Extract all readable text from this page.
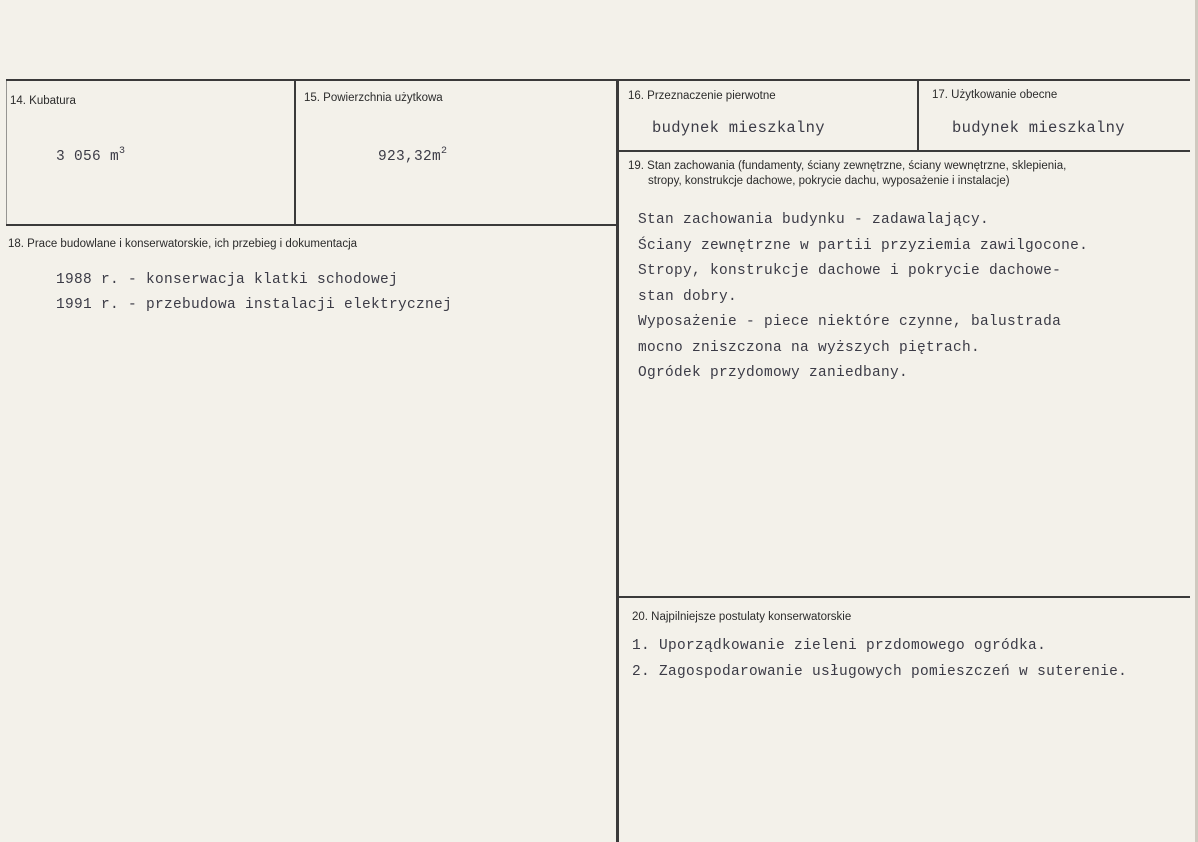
14. Kubatura
3 056 $m^3$
15. Powierzchnia użytkowa
$923,32m^2$
16. Przeznaczenie pierwotne
budynek mieszkalny
17. Użytkowanie obecne
budynek mieszkalny
18. Prace budowlane i konserwatorskie, ich przebieg i dokumentacja
1988 r. - konserwacja klatki schodowej
1991 r. - przebudowa instalacji elektrycznej
19. Stan zachowania (fundamenty, ściany zewnętrzne, ściany wewnętrzne, sklepienia,
stropy, konstrukcje dachowe, pokrycie dachu, wyposażenie i instalacje)
Stan zachowania budynku - zadawalający.
Ściany zewnętrzne w partii przyziemia zawilgocone.
Stropy, konstrukcje dachowe i pokrycie dachowe-
stan dobry.
Wyposażenie - piece niektóre czynne, balustrada
mocno zniszczona na wyższych piętrach.
Ogródek przydomowy zaniedbany.
20. Najpilniejsze postulaty konserwatorskie
1. Uporządkowanie zieleni przdomowego ogródka.
2. Zagospodarowanie usługowych pomieszczeń w suterenie.
